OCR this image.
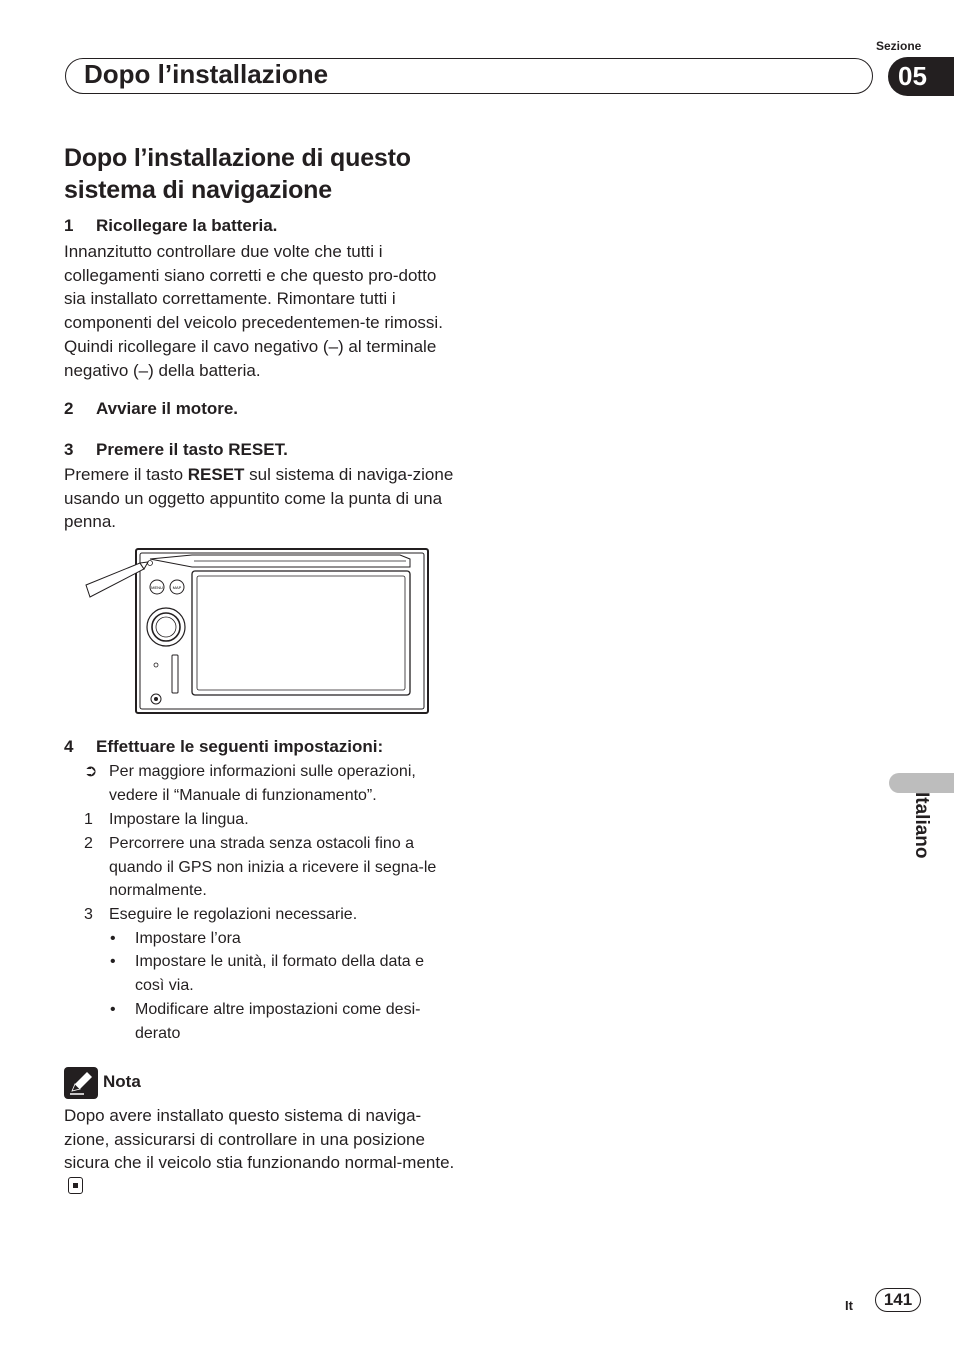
Sezione
Dopo l’installazione	05
Dopo l’installazione di questo sistema di navigazione
1 Ricollegare la batteria.
Innanzitutto controllare due volte che tutti i collegamenti siano corretti e che questo pro-dotto sia installato correttamente. Rimontare tutti i componenti del veicolo precedentemen-te rimossi. Quindi ricollegare il cavo negativo (–) al terminale negativo (–) della batteria.
2 Avviare il motore.
3 Premere il tasto RESET.
Premere il tasto RESET sul sistema di naviga-zione usando un oggetto appuntito come la punta di una penna.
MENU MAP
4 Effettuare le seguenti impostazioni:
➲ Per maggiore informazioni sulle operazioni, vedere il “Manuale di funzionamento”.
1	Impostare la lingua.
2	Percorrere una strada senza ostacoli fino a quando il GPS non inizia a ricevere il segna-le normalmente.
3	Eseguire le regolazioni necessarie.
• Impostare l’ora
• Impostare le unità, il formato della data e così via.
• Modificare altre impostazioni come desi-derato
Nota
Dopo avere installato questo sistema di naviga-zione, assicurarsi di controllare in una posizione sicura che il veicolo stia funzionando normal-mente.
Italiano
It	141
